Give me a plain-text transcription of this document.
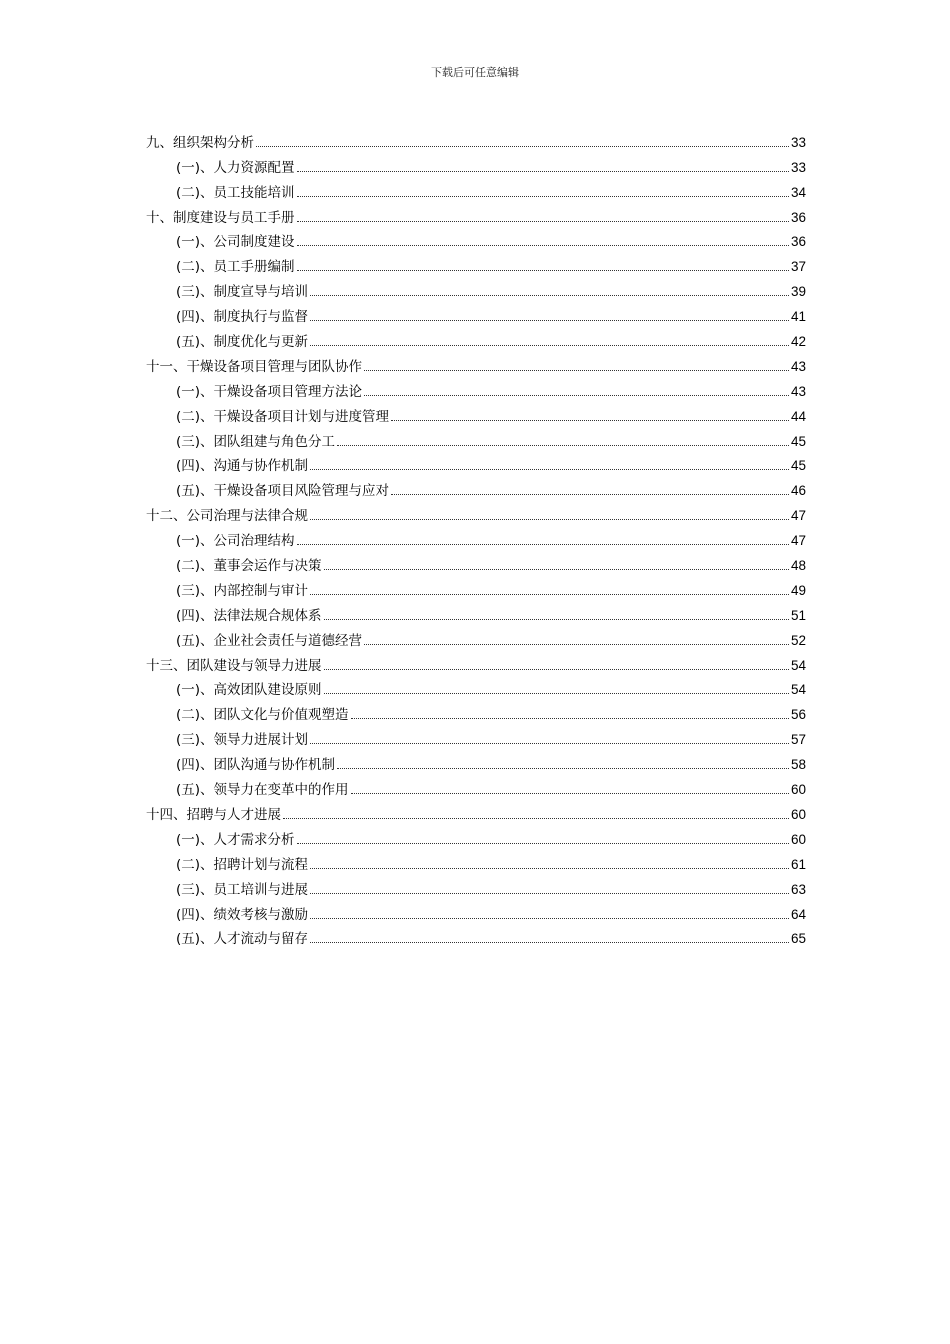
下载后可任意编辑
九、组织架构分析	33
(一)、人力资源配置	33
(二)、员工技能培训	34
十、制度建设与员工手册	36
(一)、公司制度建设	36
(二)、员工手册编制	37
(三)、制度宣导与培训	39
(四)、制度执行与监督	41
(五)、制度优化与更新	42
十一、干燥设备项目管理与团队协作	43
(一)、干燥设备项目管理方法论	43
(二)、干燥设备项目计划与进度管理	44
(三)、团队组建与角色分工	45
(四)、沟通与协作机制	45
(五)、干燥设备项目风险管理与应对	46
十二、公司治理与法律合规	47
(一)、公司治理结构	47
(二)、董事会运作与决策	48
(三)、内部控制与审计	49
(四)、法律法规合规体系	51
(五)、企业社会责任与道德经营	52
十三、团队建设与领导力进展	54
(一)、高效团队建设原则	54
(二)、团队文化与价值观塑造	56
(三)、领导力进展计划	57
(四)、团队沟通与协作机制	58
(五)、领导力在变革中的作用	60
十四、招聘与人才进展	60
(一)、人才需求分析	60
(二)、招聘计划与流程	61
(三)、员工培训与进展	63
(四)、绩效考核与激励	64
(五)、人才流动与留存	65
